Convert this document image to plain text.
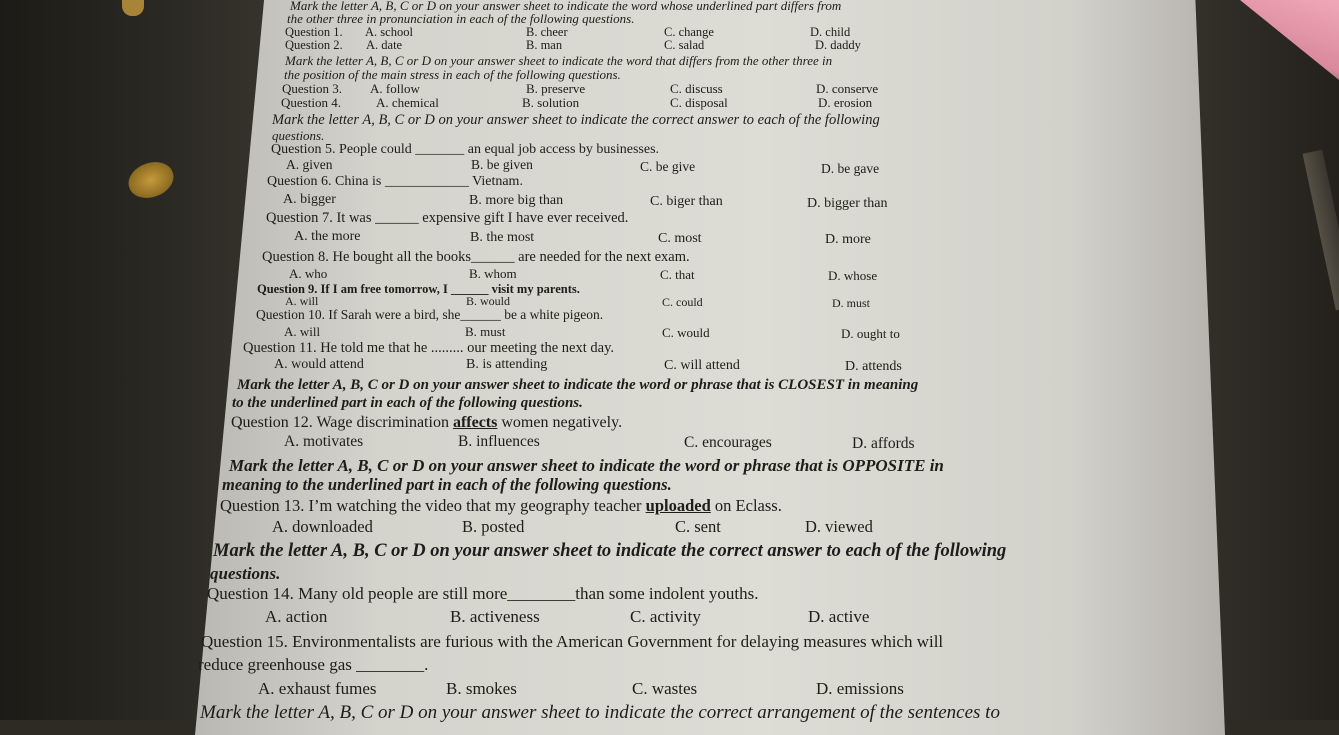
Mark the letter A, B, C or D on your answer sheet to indicate the word whose underlined part differs from

the other three in pronunciation in each of the following questions.

Question 1. A. school	B. cheer	C. change	D. child

Question 2. A. date	B. man	C. salad	D. daddy

Mark the letter A, B, C or D on your answer sheet to indicate the word that differs from the other three in

the position of the main stress in each of the following questions.

Question 3. A. follow	B. preserve	C. discuss	D. conserve

Question 4.	A. chemical	B. solution	C. disposal	D. erosion

Mark the letter A, B, C or D on your answer sheet to indicate the correct answer to each of the following

questions.

Question 5. People could _______ an equal job access by businesses.

A. given	B. be given	C. be give	D. be gave

Question 6. China is ____________ Vietnam.

A. bigger	B. more big than	C. biger than	D. bigger than

Question 7. It was ______ expensive gift I have ever received.

A. the more	B. the most	C. most	D. more

Question 8. He bought all the books______ are needed for the next exam.

A. who	B. whom	C. that	D. whose

Question 9. If I am free tomorrow, I ______ visit my parents.

A. will	B. would	C. could	D. must

Question 10. If Sarah were a bird, she______ be a white pigeon.

A. will	B. must	C. would	D. ought to

Question 11. He told me that he ......... our meeting the next day.

A. would attend	B. is attending	C. will attend	D. attends

Mark the letter A, B, C or D on your answer sheet to indicate the word or phrase that is CLOSEST in meaning

to the underlined part in each of the following questions.

Question 12. Wage discrimination affects women negatively.

A. motivates	B. influences	C. encourages	D. affords

Mark the letter A, B, C or D on your answer sheet to indicate the word or phrase that is OPPOSITE in

meaning to the underlined part in each of the following questions.

Question 13. I’m watching the video that my geography teacher uploaded on Eclass.

A. downloaded	B. posted	C. sent	D. viewed

Mark the letter A, B, C or D on your answer sheet to indicate the correct answer to each of the following

questions.

Question 14. Many old people are still more________than some indolent youths.

A. action	B. activeness	C. activity	D. active

Question 15. Environmentalists are furious with the American Government for delaying measures which will

reduce greenhouse gas ________.

A. exhaust fumes	B. smokes	C. wastes	D. emissions

Mark the letter A, B, C or D on your answer sheet to indicate the correct arrangement of the sentences to
